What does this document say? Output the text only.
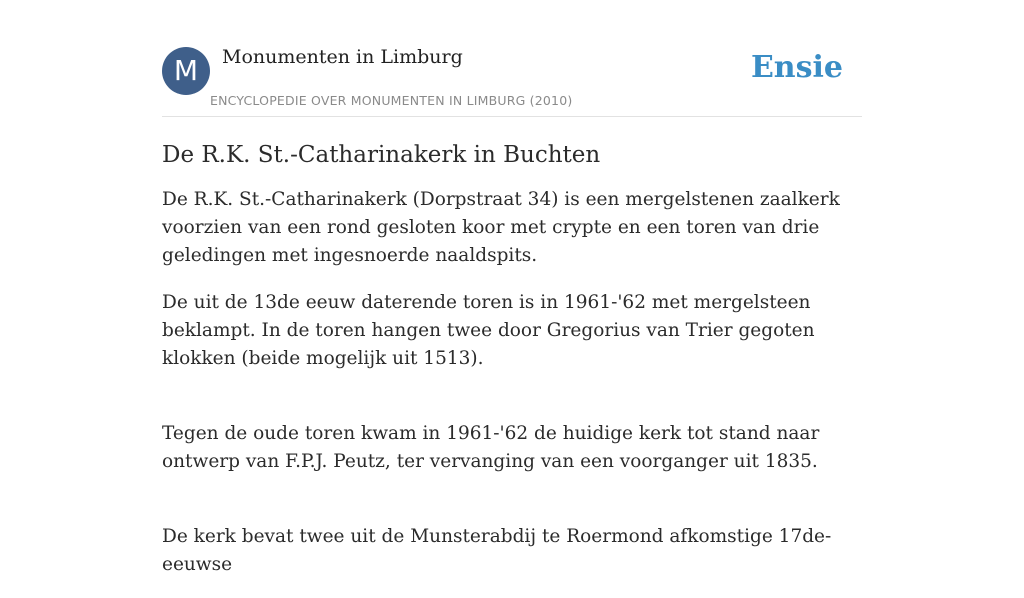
M	Monumenten in Limburg
ENCYCLOPEDIE OVER MONUMENTEN IN LIMBURG (2010)
Ensie
De R.K. St.-Catharinakerk in Buchten

De R.K. St.-Catharinakerk (Dorpstraat 34) is een mergelstenen zaalkerk voorzien van een rond gesloten koor met crypte en een toren van drie geledingen met ingesnoerde naaldspits.

De uit de 13de eeuw daterende toren is in 1961-'62 met mergelsteen beklampt. In de toren hangen twee door Gregorius van Trier gegoten klokken (beide mogelijk uit 1513).

Tegen de oude toren kwam in 1961-'62 de huidige kerk tot stand naar ontwerp van F.P.J. Peutz, ter vervanging van een voorganger uit 1835.

De kerk bevat twee uit de Munsterabdij te Roermond afkomstige 17de-eeuwse
